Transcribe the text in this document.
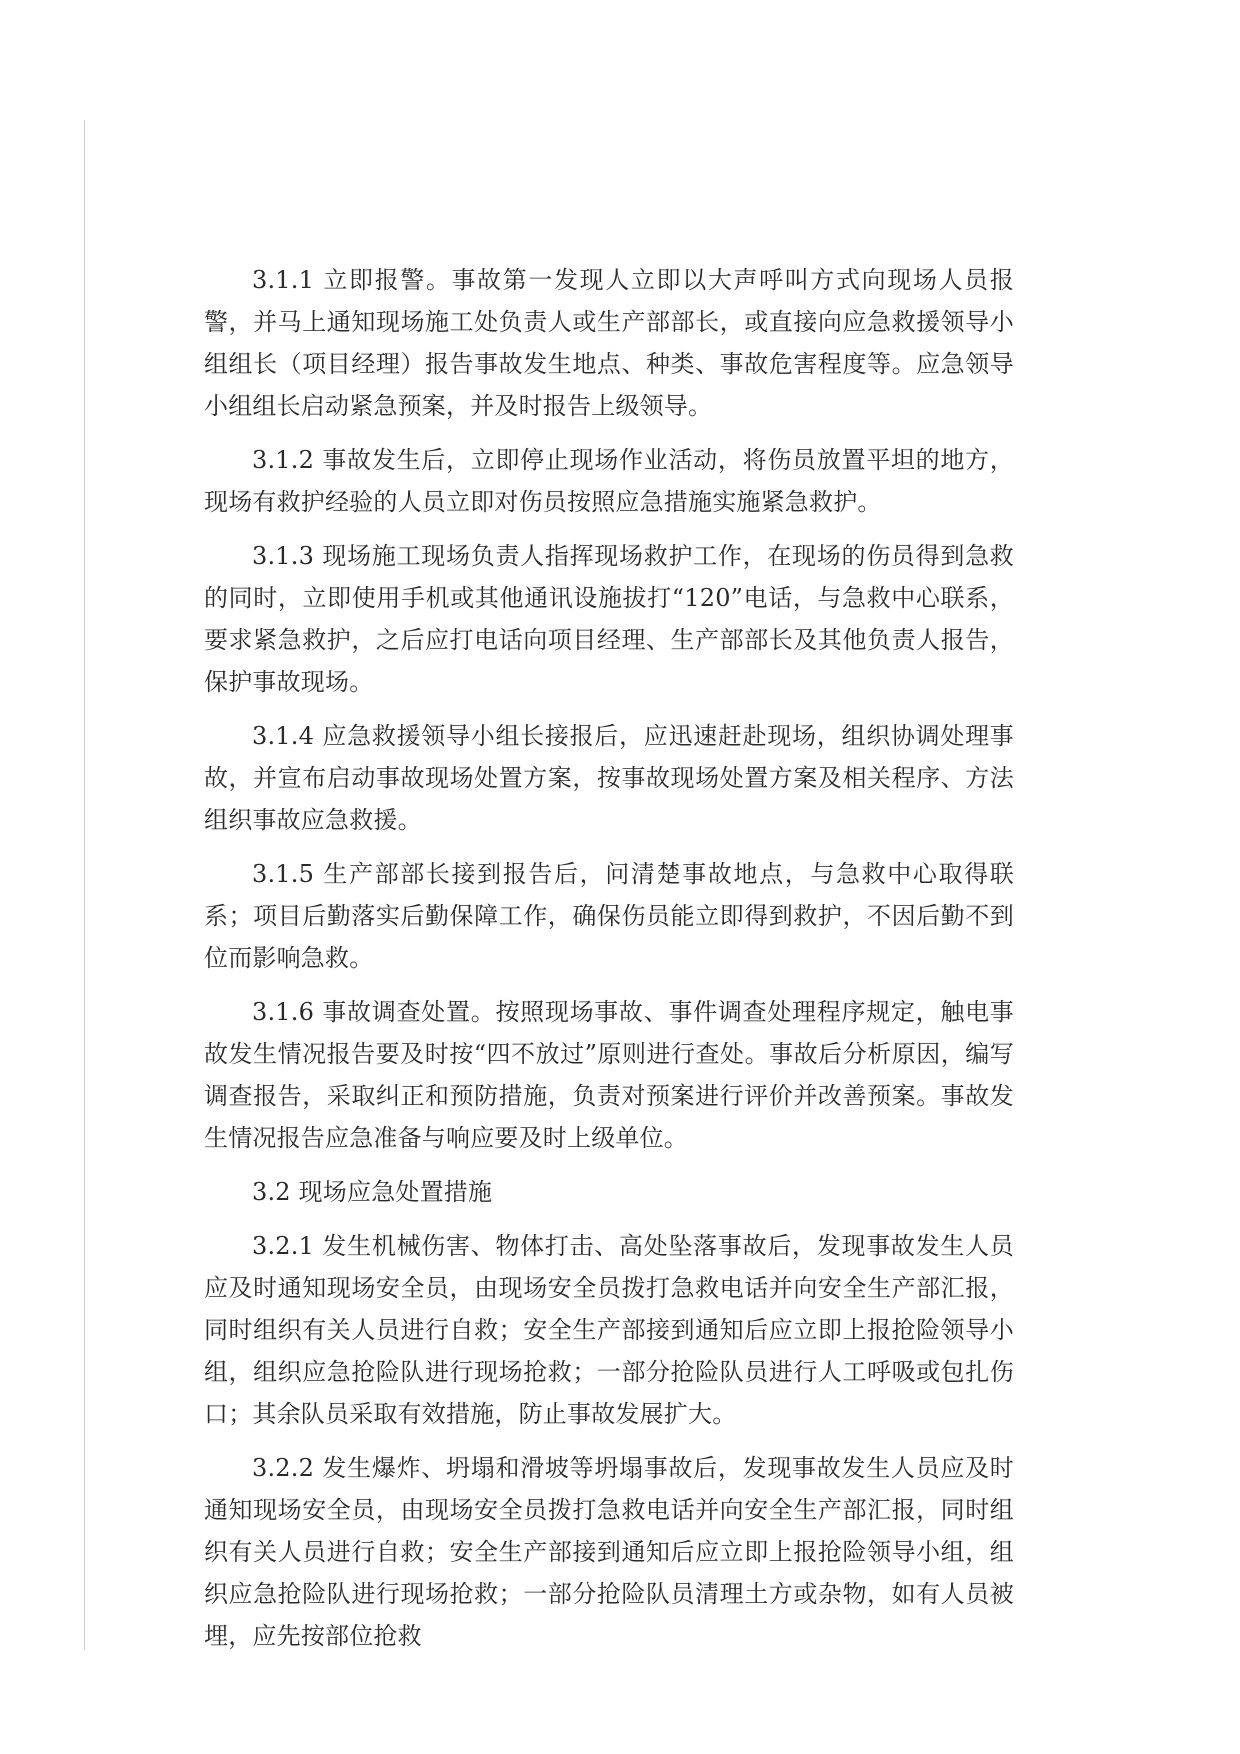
3.1.1 立即报警。事故第一发现人立即以大声呼叫方式向现场人员报警，并马上通知现场施工处负责人或生产部部长，或直接向应急救援领导小组组长（项目经理）报告事故发生地点、种类、事故危害程度等。应急领导小组组长启动紧急预案，并及时报告上级领导。

3.1.2 事故发生后，立即停止现场作业活动，将伤员放置平坦的地方，现场有救护经验的人员立即对伤员按照应急措施实施紧急救护。

3.1.3 现场施工现场负责人指挥现场救护工作，在现场的伤员得到急救的同时，立即使用手机或其他通讯设施拔打“120”电话，与急救中心联系，要求紧急救护，之后应打电话向项目经理、生产部部长及其他负责人报告，保护事故现场。

3.1.4 应急救援领导小组长接报后，应迅速赶赴现场，组织协调处理事故，并宣布启动事故现场处置方案，按事故现场处置方案及相关程序、方法组织事故应急救援。

3.1.5 生产部部长接到报告后，问清楚事故地点，与急救中心取得联系；项目后勤落实后勤保障工作，确保伤员能立即得到救护，不因后勤不到位而影响急救。

3.1.6 事故调查处置。按照现场事故、事件调查处理程序规定，触电事故发生情况报告要及时按“四不放过”原则进行查处。事故后分析原因，编写调查报告，采取纠正和预防措施，负责对预案进行评价并改善预案。事故发生情况报告应急准备与响应要及时上级单位。

3.2 现场应急处置措施

3.2.1 发生机械伤害、物体打击、高处坠落事故后，发现事故发生人员应及时通知现场安全员，由现场安全员拨打急救电话并向安全生产部汇报，同时组织有关人员进行自救；安全生产部接到通知后应立即上报抢险领导小组，组织应急抢险队进行现场抢救；一部分抢险队员进行人工呼吸或包扎伤口；其余队员采取有效措施，防止事故发展扩大。

3.2.2 发生爆炸、坍塌和滑坡等坍塌事故后，发现事故发生人员应及时通知现场安全员，由现场安全员拨打急救电话并向安全生产部汇报，同时组织有关人员进行自救；安全生产部接到通知后应立即上报抢险领导小组，组织应急抢险队进行现场抢救；一部分抢险队员清理土方或杂物，如有人员被埋，应先按部位抢救
